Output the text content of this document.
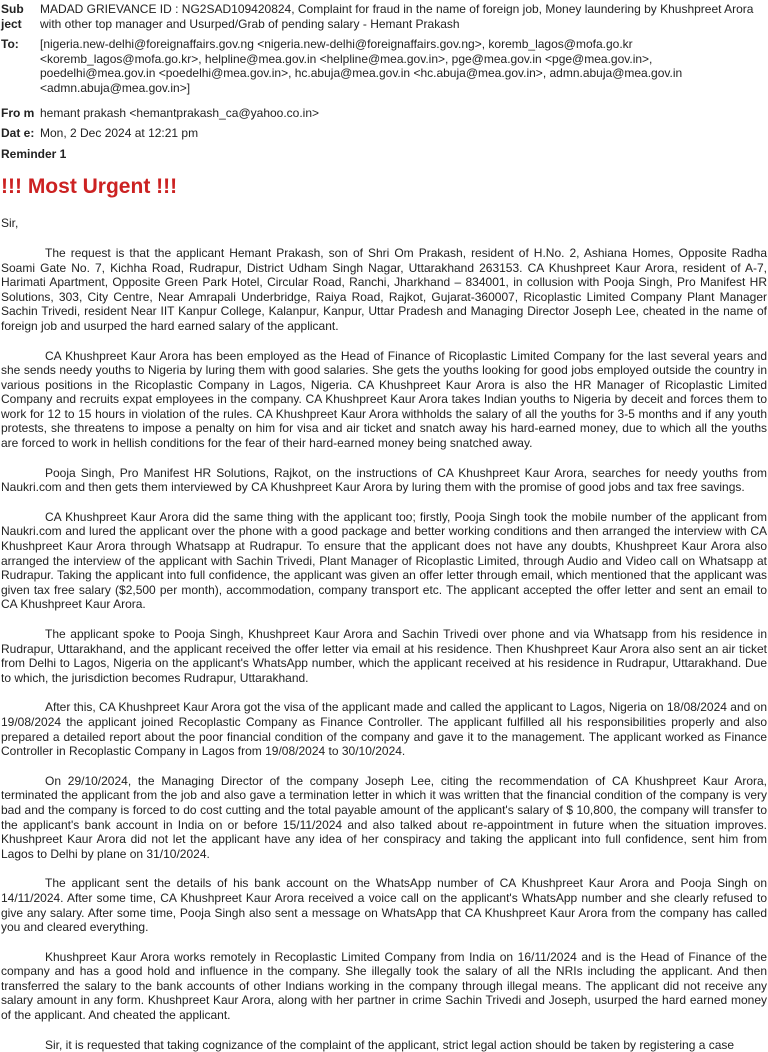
Sub ject
MADAD GRIEVANCE ID : NG2SAD109420824, Complaint for fraud in the name of foreign job, Money laundering by Khushpreet Arora with other top manager and Usurped/Grab of pending salary - Hemant Prakash
To:	[nigeria.new-delhi@foreignaffairs.gov.ng <nigeria.new-delhi@foreignaffairs.gov.ng>, koremb_lagos@mofa.go.kr <koremb_lagos@mofa.go.kr>, helpline@mea.gov.in <helpline@mea.gov.in>, pge@mea.gov.in <pge@mea.gov.in>, poedelhi@mea.gov.in <poedelhi@mea.gov.in>, hc.abuja@mea.gov.in <hc.abuja@mea.gov.in>, admn.abuja@mea.gov.in <admn.abuja@mea.gov.in>]
Fro m hemant prakash <hemantprakash_ca@yahoo.co.in>
Dat e: Mon, 2 Dec 2024 at 12:21 pm
Reminder 1
!!! Most Urgent !!!
Sir,

The request is that the applicant Hemant Prakash, son of Shri Om Prakash, resident of H.No. 2, Ashiana Homes, Opposite Radha Soami Gate No. 7, Kichha Road, Rudrapur, District Udham Singh Nagar, Uttarakhand 263153. CA Khushpreet Kaur Arora, resident of A-7, Harimati Apartment, Opposite Green Park Hotel, Circular Road, Ranchi, Jharkhand – 834001, in collusion with Pooja Singh, Pro Manifest HR Solutions, 303, City Centre, Near Amrapali Underbridge, Raiya Road, Rajkot, Gujarat-360007, Ricoplastic Limited Company Plant Manager Sachin Trivedi, resident Near IIT Kanpur College, Kalanpur, Kanpur, Uttar Pradesh and Managing Director Joseph Lee, cheated in the name of foreign job and usurped the hard earned salary of the applicant.

CA Khushpreet Kaur Arora has been employed as the Head of Finance of Ricoplastic Limited Company for the last several years and she sends needy youths to Nigeria by luring them with good salaries. She gets the youths looking for good jobs employed outside the country in various positions in the Ricoplastic Company in Lagos, Nigeria. CA Khushpreet Kaur Arora is also the HR Manager of Ricoplastic Limited Company and recruits expat employees in the company. CA Khushpreet Kaur Arora takes Indian youths to Nigeria by deceit and forces them to work for 12 to 15 hours in violation of the rules. CA Khushpreet Kaur Arora withholds the salary of all the youths for 3-5 months and if any youth protests, she threatens to impose a penalty on him for visa and air ticket and snatch away his hard-earned money, due to which all the youths are forced to work in hellish conditions for the fear of their hard-earned money being snatched away.

Pooja Singh, Pro Manifest HR Solutions, Rajkot, on the instructions of CA Khushpreet Kaur Arora, searches for needy youths from Naukri.com and then gets them interviewed by CA Khushpreet Kaur Arora by luring them with the promise of good jobs and tax free savings.

CA Khushpreet Kaur Arora did the same thing with the applicant too; firstly, Pooja Singh took the mobile number of the applicant from Naukri.com and lured the applicant over the phone with a good package and better working conditions and then arranged the interview with CA Khushpreet Kaur Arora through Whatsapp at Rudrapur. To ensure that the applicant does not have any doubts, Khushpreet Kaur Arora also arranged the interview of the applicant with Sachin Trivedi, Plant Manager of Ricoplastic Limited, through Audio and Video call on Whatsapp at Rudrapur. Taking the applicant into full confidence, the applicant was given an offer letter through email, which mentioned that the applicant was given tax free salary ($2,500 per month), accommodation, company transport etc. The applicant accepted the offer letter and sent an email to CA Khushpreet Kaur Arora.

The applicant spoke to Pooja Singh, Khushpreet Kaur Arora and Sachin Trivedi over phone and via Whatsapp from his residence in Rudrapur, Uttarakhand, and the applicant received the offer letter via email at his residence. Then Khushpreet Kaur Arora also sent an air ticket from Delhi to Lagos, Nigeria on the applicant's WhatsApp number, which the applicant received at his residence in Rudrapur, Uttarakhand. Due to which, the jurisdiction becomes Rudrapur, Uttarakhand.

After this, CA Khushpreet Kaur Arora got the visa of the applicant made and called the applicant to Lagos, Nigeria on 18/08/2024 and on 19/08/2024 the applicant joined Recoplastic Company as Finance Controller. The applicant fulfilled all his responsibilities properly and also prepared a detailed report about the poor financial condition of the company and gave it to the management. The applicant worked as Finance Controller in Recoplastic Company in Lagos from 19/08/2024 to 30/10/2024.

On 29/10/2024, the Managing Director of the company Joseph Lee, citing the recommendation of CA Khushpreet Kaur Arora, terminated the applicant from the job and also gave a termination letter in which it was written that the financial condition of the company is very bad and the company is forced to do cost cutting and the total payable amount of the applicant's salary of $ 10,800, the company will transfer to the applicant's bank account in India on or before 15/11/2024 and also talked about re-appointment in future when the situation improves. Khushpreet Kaur Arora did not let the applicant have any idea of her conspiracy and taking the applicant into full confidence, sent him from Lagos to Delhi by plane on 31/10/2024.

The applicant sent the details of his bank account on the WhatsApp number of CA Khushpreet Kaur Arora and Pooja Singh on 14/11/2024. After some time, CA Khushpreet Kaur Arora received a voice call on the applicant's WhatsApp number and she clearly refused to give any salary. After some time, Pooja Singh also sent a message on WhatsApp that CA Khushpreet Kaur Arora from the company has called you and cleared everything.

Khushpreet Kaur Arora works remotely in Recoplastic Limited Company from India on 16/11/2024 and is the Head of Finance of the company and has a good hold and influence in the company. She illegally took the salary of all the NRIs including the applicant. And then transferred the salary to the bank accounts of other Indians working in the company through illegal means. The applicant did not receive any salary amount in any form. Khushpreet Kaur Arora, along with her partner in crime Sachin Trivedi and Joseph, usurped the hard earned money of the applicant. And cheated the applicant.

Sir, it is requested that taking cognizance of the complaint of the applicant, strict legal action should be taken by registering a case
